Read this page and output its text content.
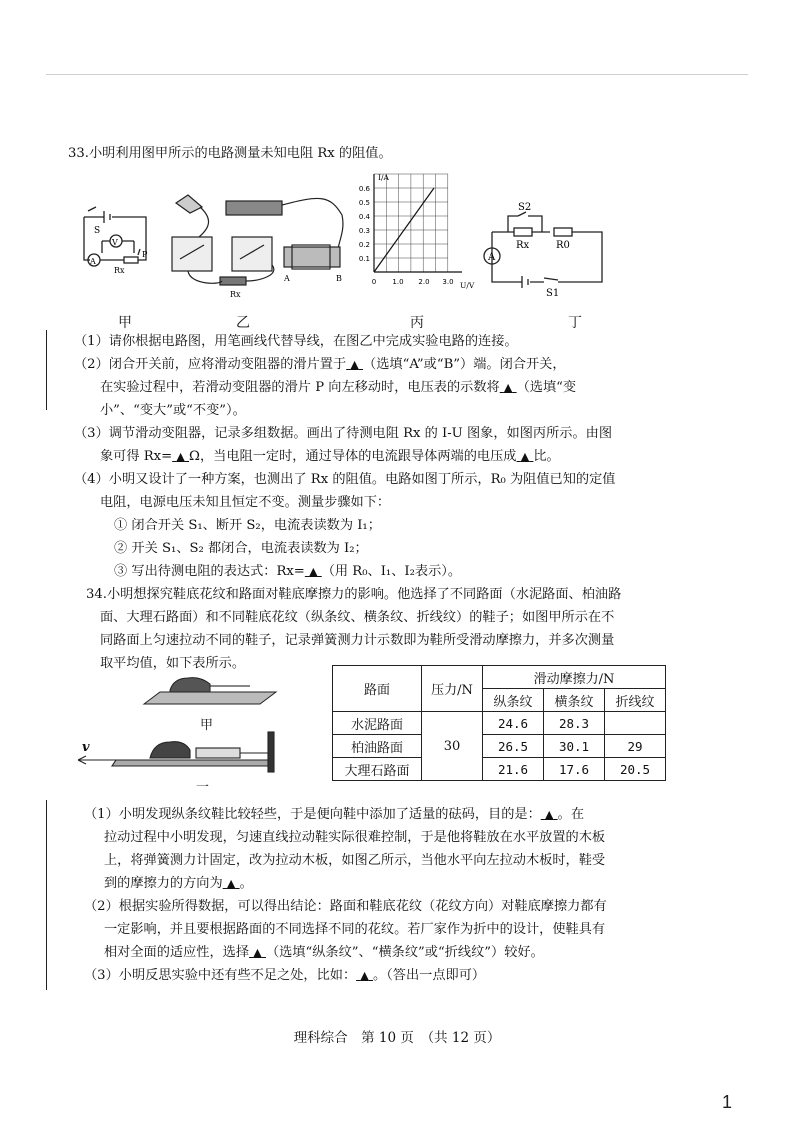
33.小明利用图甲所示的电路测量未知电阻 Rx 的阻值。
S
V
A
Rx
P
A	B
Rx
I/A
U/V
0.6
0.5
0.4
0.3
0.2
0.1
0 1.0 2.0 3.0
S2
Rx	R0
A
S1
甲	乙	丙	丁
（1）请你根据电路图，用笔画线代替导线，在图乙中完成实验电路的连接。
（2）闭合开关前，应将滑动变阻器的滑片置于 ▲ （选填“A”或“B”）端。闭合开关，
在实验过程中，若滑动变阻器的滑片 P 向左移动时，电压表的示数将 ▲ （选填“变
小”、“变大”或“不变”）。
（3）调节滑动变阻器，记录多组数据。画出了待测电阻 Rx 的 I-U 图象，如图丙所示。由图
象可得 Rx= ▲ Ω，当电阻一定时，通过导体的电流跟导体两端的电压成 ▲ 比。
（4）小明又设计了一种方案，也测出了 Rx 的阻值。电路如图丁所示，R₀ 为阻值已知的定值
电阻，电源电压未知且恒定不变。测量步骤如下：
① 闭合开关 S₁、断开 S₂，电流表读数为 I₁；
② 开关 S₁、S₂ 都闭合，电流表读数为 I₂；
③ 写出待测电阻的表达式：Rx= ▲ （用 R₀、I₁、I₂表示）。
34.小明想探究鞋底花纹和路面对鞋底摩擦力的影响。他选择了不同路面（水泥路面、柏油路
面、大理石路面）和不同鞋底花纹（纵条纹、横条纹、折线纹）的鞋子；如图甲所示在不
同路面上匀速拉动不同的鞋子，记录弹簧测力计示数即为鞋所受滑动摩擦力，并多次测量
取平均值，如下表所示。
甲
v
一
路面	压力/N	滑动摩擦力/N		
		纵条纹	横条纹	折线纹
水泥路面	30	24.6	28.3	
柏油路面		26.5	30.1	29
大理石路面		21.6	17.6	20.5
（1）小明发现纵条纹鞋比较轻些，于是便向鞋中添加了适量的砝码，目的是： ▲ 。在
拉动过程中小明发现，匀速直线拉动鞋实际很难控制，于是他将鞋放在水平放置的木板
上，将弹簧测力计固定，改为拉动木板，如图乙所示，当他水平向左拉动木板时，鞋受
到的摩擦力的方向为 ▲ 。
（2）根据实验所得数据，可以得出结论：路面和鞋底花纹（花纹方向）对鞋底摩擦力都有
一定影响，并且要根据路面的不同选择不同的花纹。若厂家作为折中的设计，使鞋具有
相对全面的适应性，选择 ▲ （选填“纵条纹”、“横条纹”或“折线纹”）较好。
（3）小明反思实验中还有些不足之处，比如： ▲ 。（答出一点即可）
理科综合　第 10 页　（共 12 页）
1
